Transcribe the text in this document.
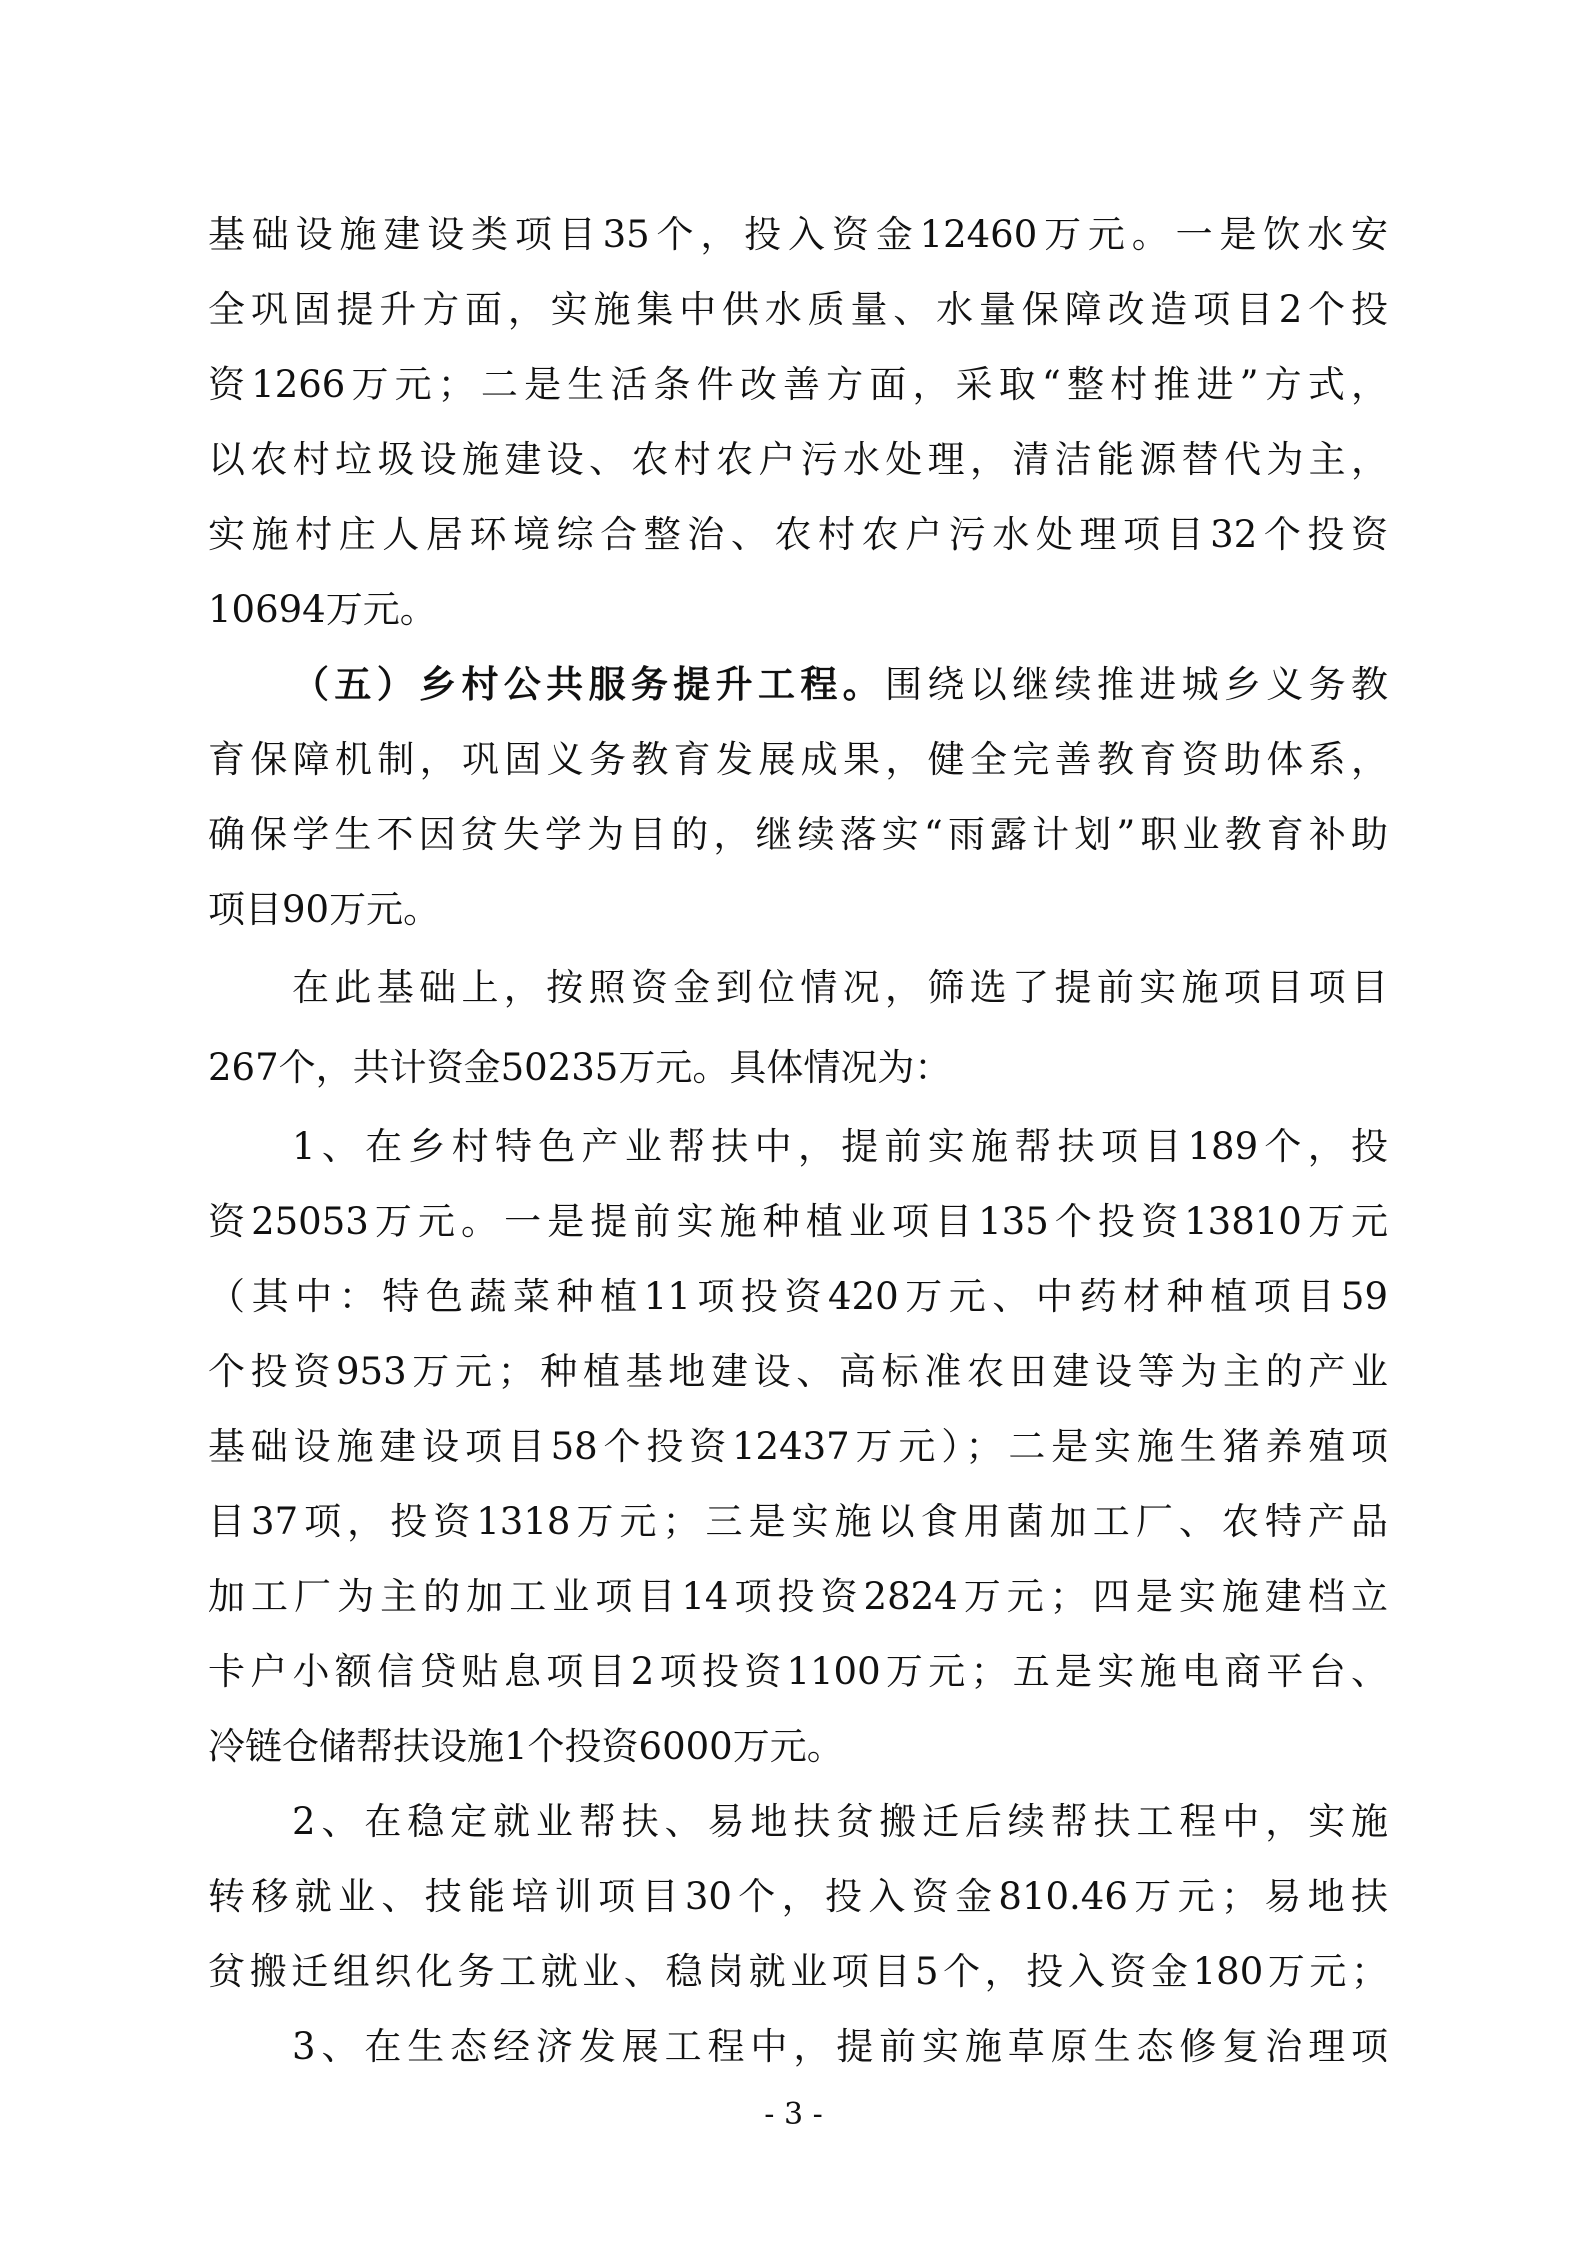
基础设施建设类项目35个，投入资金12460万元。一是饮水安
全巩固提升方面，实施集中供水质量、水量保障改造项目2个投
资1266万元；二是生活条件改善方面，采取“整村推进”方式，
以农村垃圾设施建设、农村农户污水处理，清洁能源替代为主，
实施村庄人居环境综合整治、农村农户污水处理项目32个投资
10694万元。
（五）乡村公共服务提升工程。围绕以继续推进城乡义务教
育保障机制，巩固义务教育发展成果，健全完善教育资助体系，
确保学生不因贫失学为目的，继续落实“雨露计划”职业教育补助
项目90万元。
在此基础上，按照资金到位情况，筛选了提前实施项目项目
267个，共计资金50235万元。具体情况为：
1、在乡村特色产业帮扶中，提前实施帮扶项目189个，投
资25053万元。一是提前实施种植业项目135个投资13810万元
（其中：特色蔬菜种植11项投资420万元、中药材种植项目59
个投资953万元；种植基地建设、高标准农田建设等为主的产业
基础设施建设项目58个投资12437万元）；二是实施生猪养殖项
目37项，投资1318万元；三是实施以食用菌加工厂、农特产品
加工厂为主的加工业项目14项投资2824万元；四是实施建档立
卡户小额信贷贴息项目2项投资1100万元；五是实施电商平台、
冷链仓储帮扶设施1个投资6000万元。
2、在稳定就业帮扶、易地扶贫搬迁后续帮扶工程中，实施
转移就业、技能培训项目30个，投入资金810.46万元；易地扶
贫搬迁组织化务工就业、稳岗就业项目5个，投入资金180万元；
3、在生态经济发展工程中，提前实施草原生态修复治理项
- 3 -
